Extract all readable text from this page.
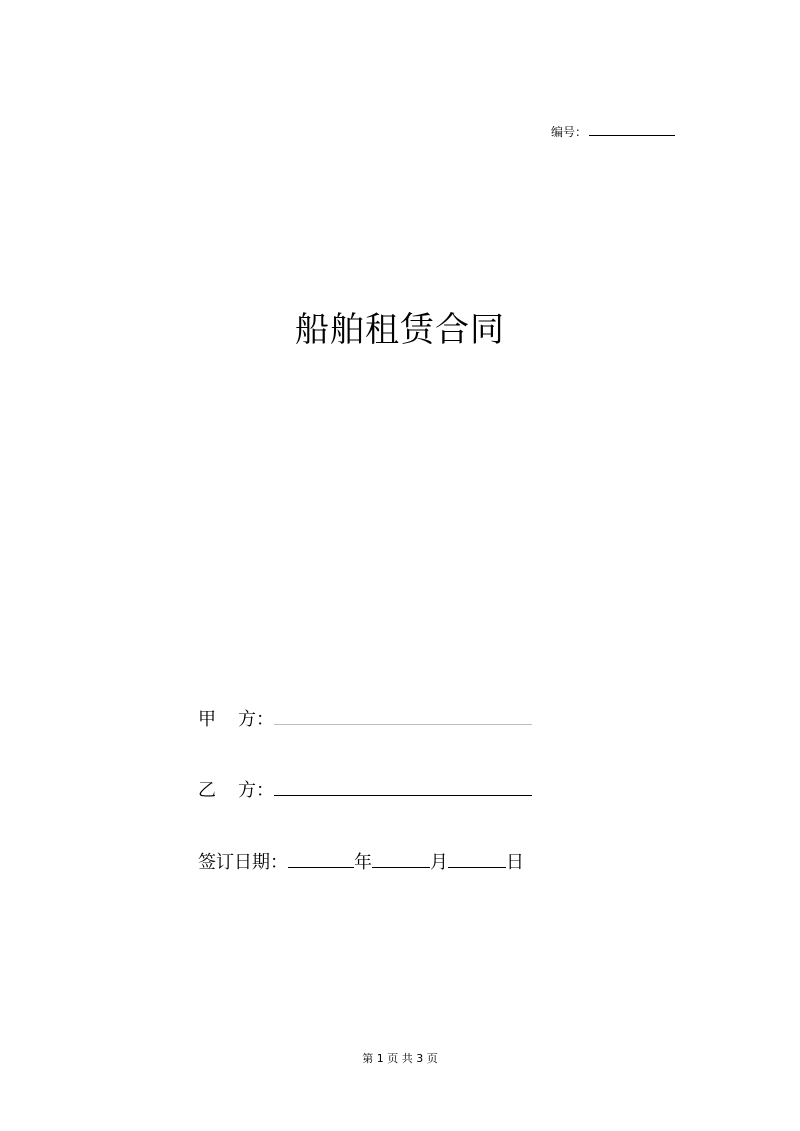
编号：
船舶租赁合同
甲 方：
乙 方：
签订日期：	年	月	日
第 1 页 共 3 页
